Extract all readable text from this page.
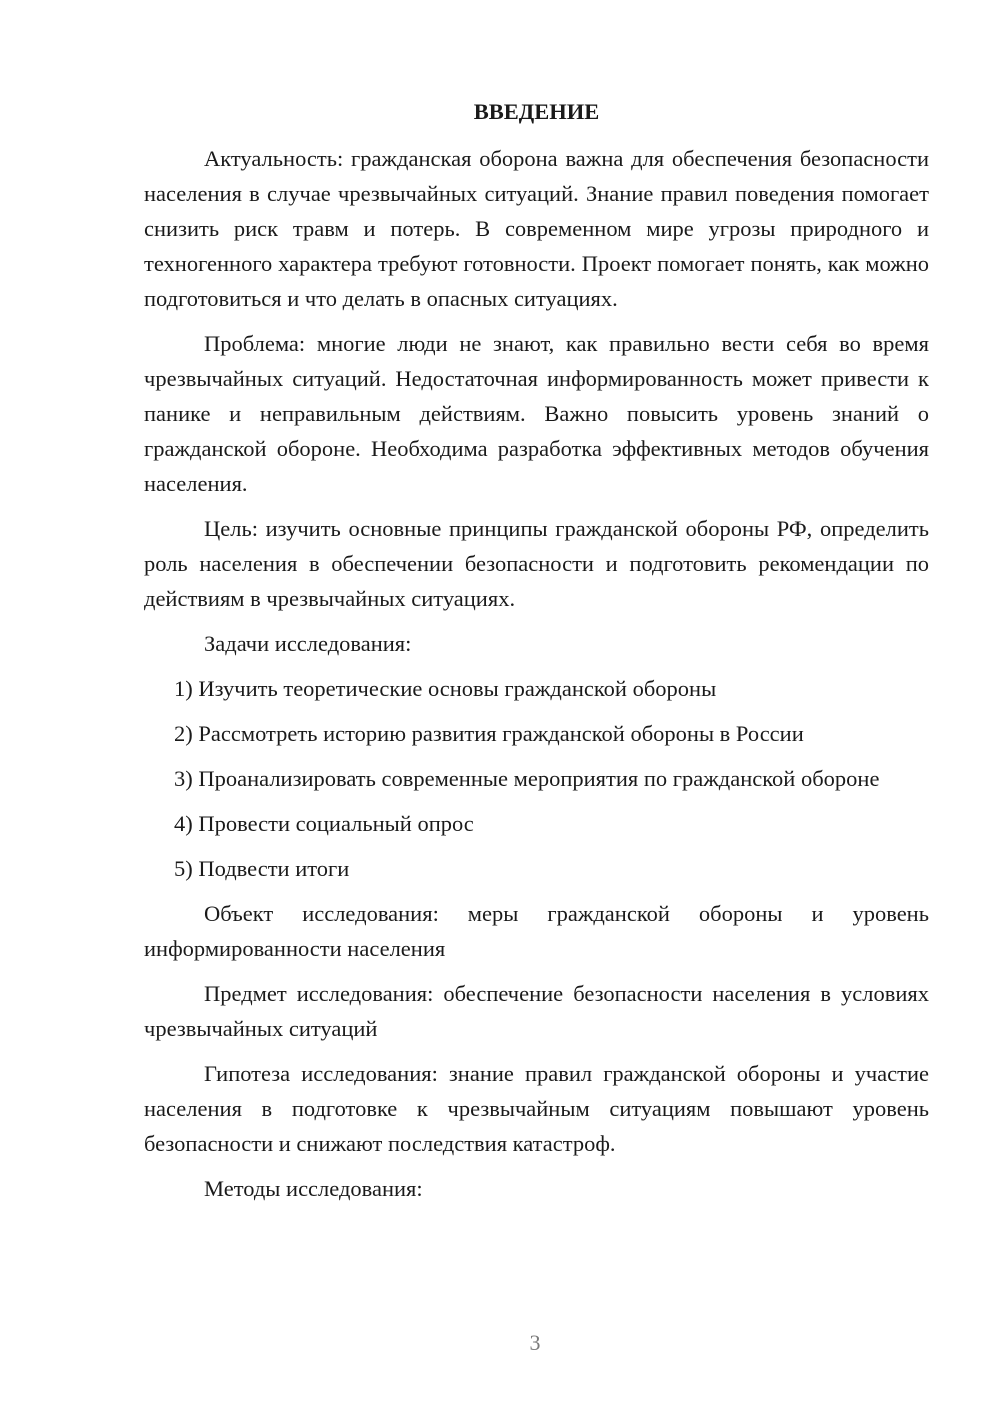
ВВЕДЕНИЕ

Актуальность: гражданская оборона важна для обеспечения безопасности населения в случае чрезвычайных ситуаций. Знание правил поведения помогает снизить риск травм и потерь. В современном мире угрозы природного и техногенного характера требуют готовности. Проект помогает понять, как можно подготовиться и что делать в опасных ситуациях.

Проблема: многие люди не знают, как правильно вести себя во время чрезвычайных ситуаций. Недостаточная информированность может привести к панике и неправильным действиям. Важно повысить уровень знаний о гражданской обороне. Необходима разработка эффективных методов обучения населения.

Цель: изучить основные принципы гражданской обороны РФ, определить роль населения в обеспечении безопасности и подготовить рекомендации по действиям в чрезвычайных ситуациях.

Задачи исследования:

1) Изучить теоретические основы гражданской обороны

2) Рассмотреть историю развития гражданской обороны в России

3) Проанализировать современные мероприятия по гражданской обороне

4) Провести социальный опрос

5) Подвести итоги

Объект исследования: меры гражданской обороны и уровень информированности населения

Предмет исследования: обеспечение безопасности населения в условиях чрезвычайных ситуаций

Гипотеза исследования: знание правил гражданской обороны и участие населения в подготовке к чрезвычайным ситуациям повышают уровень безопасности и снижают последствия катастроф.

Методы исследования:

3
